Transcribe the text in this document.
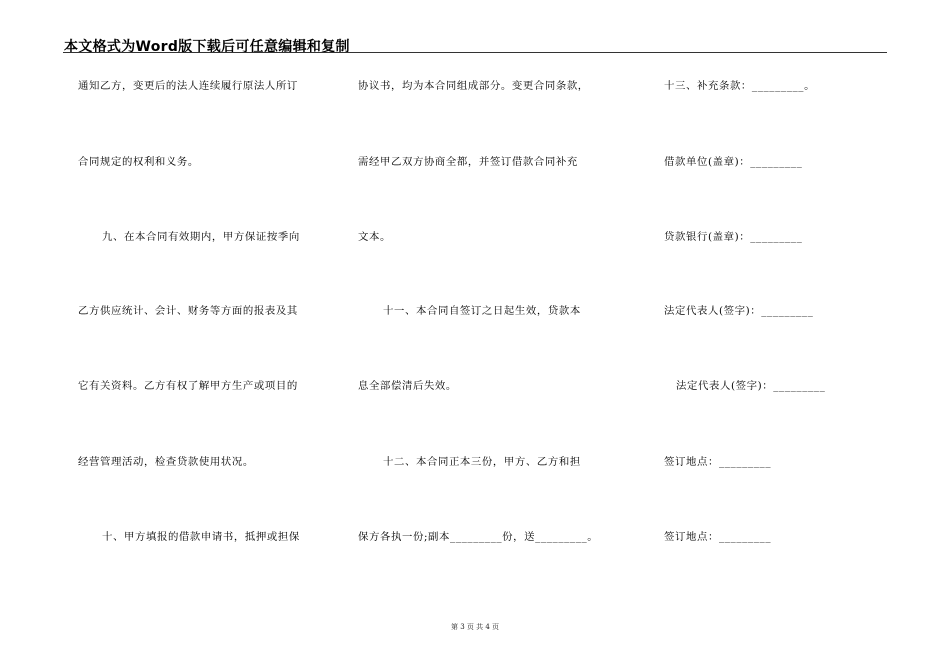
本文格式为Word版下载后可任意编辑和复制
通知乙方，变更后的法人连续履行原法人所订
合同规定的权利和义务。
九、在本合同有效期内，甲方保证按季向
乙方供应统计、会计、财务等方面的报表及其
它有关资料。乙方有权了解甲方生产或项目的
经营管理活动，检查贷款使用状况。
十、甲方填报的借款申请书，抵押或担保
协议书，均为本合同组成部分。变更合同条款，
需经甲乙双方协商全都，并签订借款合同补充
文本。
十一、本合同自签订之日起生效，贷款本
息全部偿清后失效。
十二、本合同正本三份，甲方、乙方和担
保方各执一份;副本_________份，送_________。
十三、补充条款：_________。
借款单位(盖章)：_________
贷款银行(盖章)：_________
法定代表人(签字)：_________
法定代表人(签字)：_________
签订地点：_________
签订地点：_________
第 3 页 共 4 页
